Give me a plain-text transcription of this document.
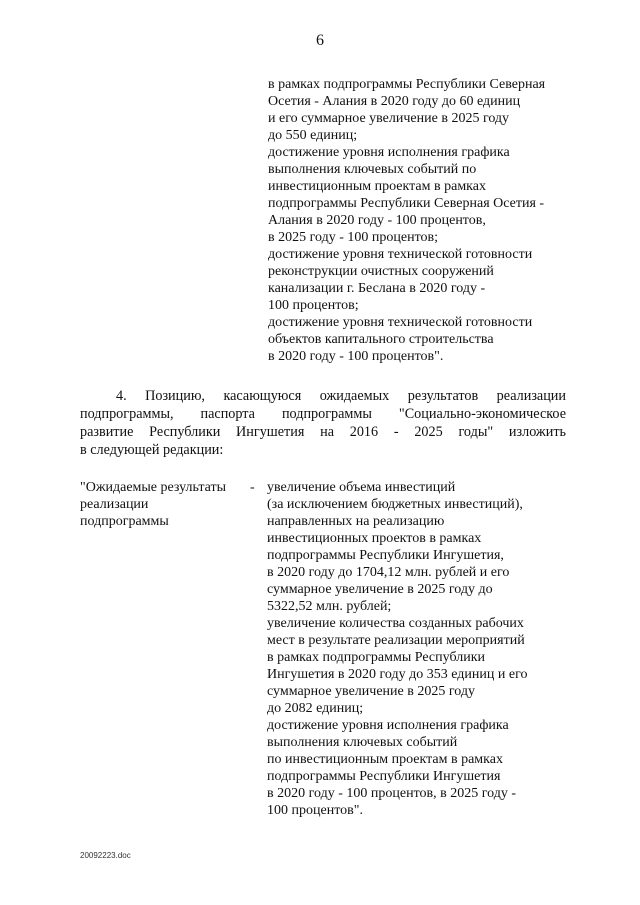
6
в рамках подпрограммы Республики Северная
Осетия - Алания в 2020 году до 60 единиц
и его суммарное увеличение в 2025 году
до 550 единиц;
достижение уровня исполнения графика
выполнения ключевых событий по
инвестиционным проектам в рамках
подпрограммы Республики Северная Осетия -
Алания в 2020 году - 100 процентов,
в 2025 году - 100 процентов;
достижение уровня технической готовности
реконструкции очистных сооружений
канализации г. Беслана в 2020 году -
100 процентов;
достижение уровня технической готовности
объектов капитального строительства
в 2020 году - 100 процентов".
4. Позицию, касающуюся ожидаемых результатов реализации
подпрограммы, паспорта подпрограммы "Социально-экономическое
развитие Республики Ингушетия на 2016 - 2025 годы" изложить
в следующей редакции:
"Ожидаемые результаты
реализации
подпрограммы
- увеличение объема инвестиций
(за исключением бюджетных инвестиций),
направленных на реализацию
инвестиционных проектов в рамках
подпрограммы Республики Ингушетия,
в 2020 году до 1704,12 млн. рублей и его
суммарное увеличение в 2025 году до
5322,52 млн. рублей;
увеличение количества созданных рабочих
мест в результате реализации мероприятий
в рамках подпрограммы Республики
Ингушетия в 2020 году до 353 единиц и его
суммарное увеличение в 2025 году
до 2082 единиц;
достижение уровня исполнения графика
выполнения ключевых событий
по инвестиционным проектам в рамках
подпрограммы Республики Ингушетия
в 2020 году - 100 процентов, в 2025 году -
100 процентов".
20092223.doc
